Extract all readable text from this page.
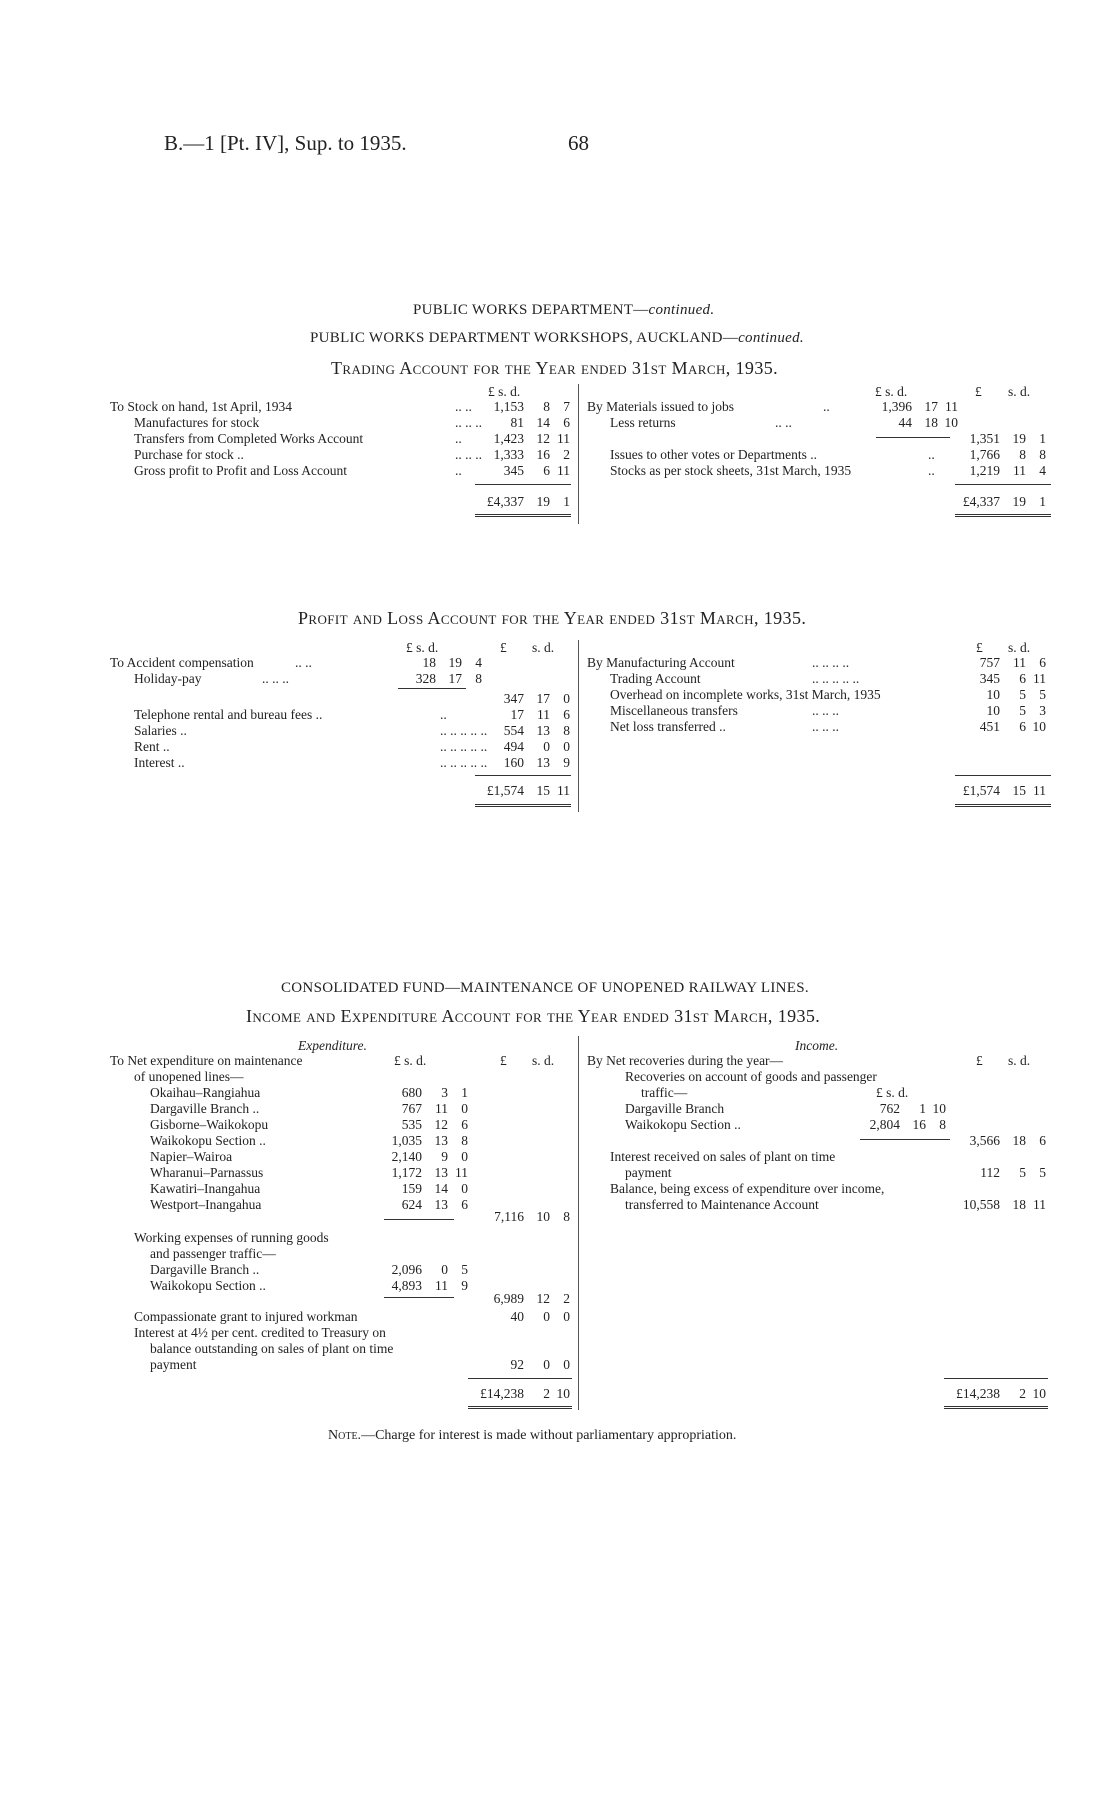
B.—1 [Pt. IV], Sup. to 1935.	68
PUBLIC WORKS DEPARTMENT—continued.
PUBLIC WORKS DEPARTMENT WORKSHOPS, AUCKLAND—continued.
Trading Account for the Year ended 31st March, 1935.
£ s. d.	£ s. d.	£ s. d.
To Stock on hand, 1st April, 1934	.. .. 1,153 8 7
Manufactures for stock	.. .. .. 81 14 6
Transfers from Completed Works Account	.. 1,423 12 11
Purchase for stock ..	.. .. .. 1,333 16 2
Gross profit to Profit and Loss Account	..	345 6 11
£4,337 19 1
By Materials issued to jobs	..	1,396 17 11
Less returns	.. ..	44 18 10
1,351 19 1
Issues to other votes or Departments ..	..	1,766 8 8
Stocks as per stock sheets, 31st March, 1935	..	1,219 11 4
£4,337 19 1
Profit and Loss Account for the Year ended 31st March, 1935.
£ s. d.	£ s. d.	£ s. d.
To Accident compensation	.. ..	18 19 4
Holiday-pay	.. .. ..	328 17 8
347 17 0
Telephone rental and bureau fees ..	..	17 11 6
Salaries ..	.. .. .. .. .. 554 13 8
Rent ..	.. .. .. .. .. 494 0 0
Interest ..	.. .. .. .. .. 160 13 9
£1,574 15 11
By Manufacturing Account	.. .. .. ..	757 11 6
Trading Account	.. .. .. .. ..	345 6 11
Overhead on incomplete works, 31st March, 1935	10 5 5
Miscellaneous transfers	.. .. ..	10 5 3
Net loss transferred ..	.. .. ..	451 6 10
£1,574 15 11
CONSOLIDATED FUND—MAINTENANCE OF UNOPENED RAILWAY LINES.
Income and Expenditure Account for the Year ended 31st March, 1935.
Expenditure.	Income.
To Net expenditure on maintenance
of unopened lines—
£ s. d.	£ s. d.
Okaihau–Rangiahua	680 3 1
Dargaville Branch ..	767 11 0
Gisborne–Waikokopu	535 12 6
Waikokopu Section ..	1,035 13 8
Napier–Wairoa	2,140 9 0
Wharanui–Parnassus	1,172 13 11
Kawatiri–Inangahua	159 14 0
Westport–Inangahua	624 13 6
7,116 10 8
Working expenses of running goods
and passenger traffic—
Dargaville Branch ..	2,096 0 5
Waikokopu Section ..	4,893 11 9
6,989 12 2
Compassionate grant to injured workman	40 0 0
Interest at 4½ per cent. credited to Treasury on
balance outstanding on sales of plant on time
payment	92 0 0
£14,238 2 10
By Net recoveries during the year—	£ s. d.
Recoveries on account of goods and passenger
traffic—	£ s. d.
Dargaville Branch	762 1 10
Waikokopu Section ..	2,804 16 8
3,566 18 6
Interest received on sales of plant on time
payment	112 5 5
Balance, being excess of expenditure over income,
transferred to Maintenance Account	10,558 18 11
£14,238 2 10
Note.—Charge for interest is made without parliamentary appropriation.
